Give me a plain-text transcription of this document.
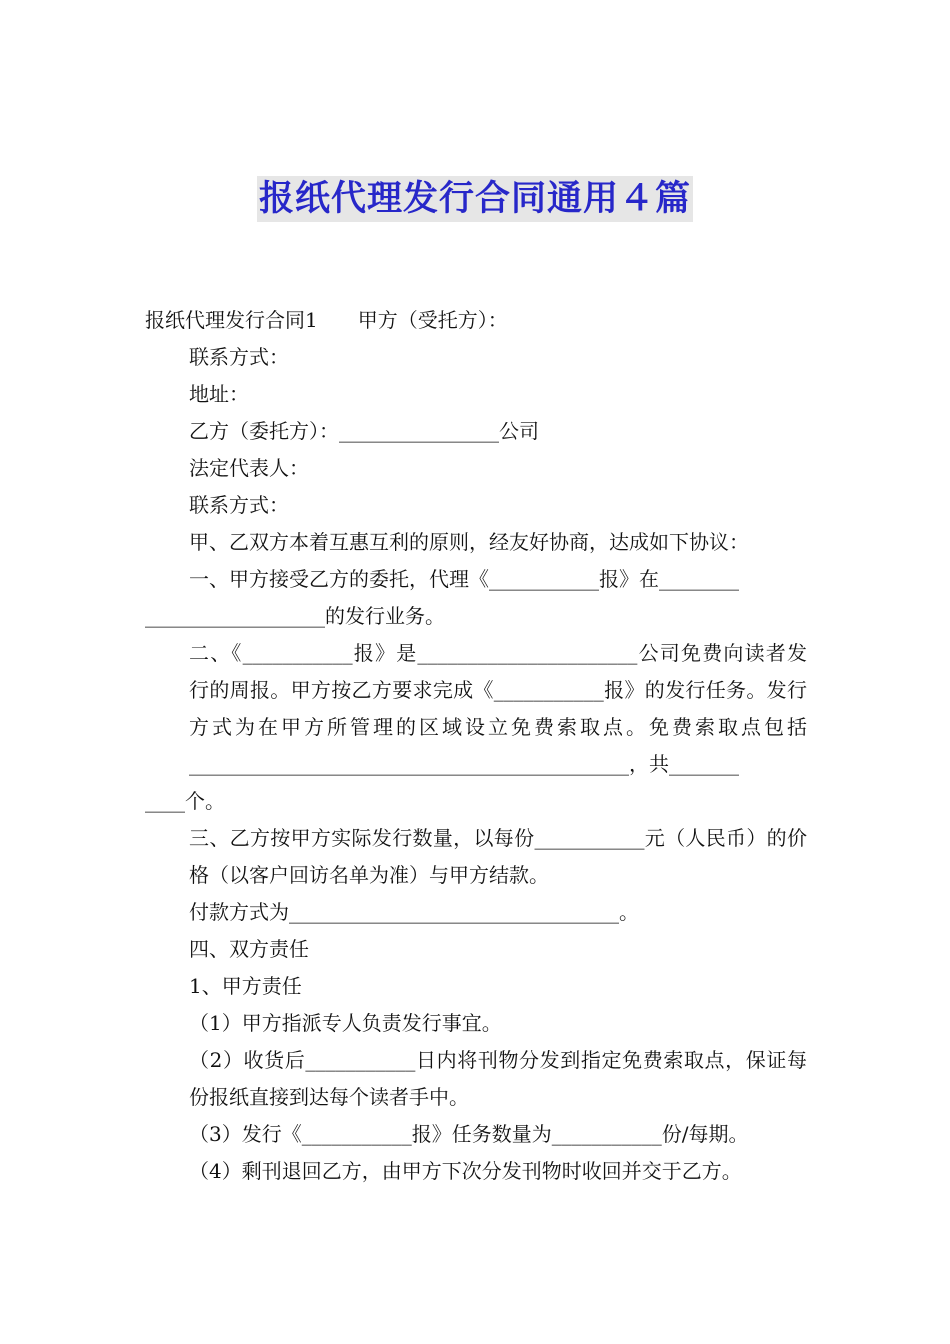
报纸代理发行合同通用４篇

报纸代理发行合同1　　甲方（受托方）：

联系方式：

地址：

乙方（委托方）：________________公司

法定代表人：

联系方式：

甲、乙双方本着互惠互利的原则，经友好协商，达成如下协议：

一、甲方接受乙方的委托，代理《___________报》在________

__________________的发行业务。

二、《___________报》是______________________公司免费向读者发行的周报。甲方按乙方要求完成《___________报》的发行任务。发行方式为在甲方所管理的区域设立免费索取点。免费索取点包括____________________________________________，共_______

____个。

三、乙方按甲方实际发行数量，以每份___________元（人民币）的价格（以客户回访名单为准）与甲方结款。

付款方式为_________________________________。

四、双方责任

1、甲方责任

（1）甲方指派专人负责发行事宜。

（2）收货后___________日内将刊物分发到指定免费索取点，保证每份报纸直接到达每个读者手中。

（3）发行《___________报》任务数量为___________份/每期。

（4）剩刊退回乙方，由甲方下次分发刊物时收回并交于乙方。
